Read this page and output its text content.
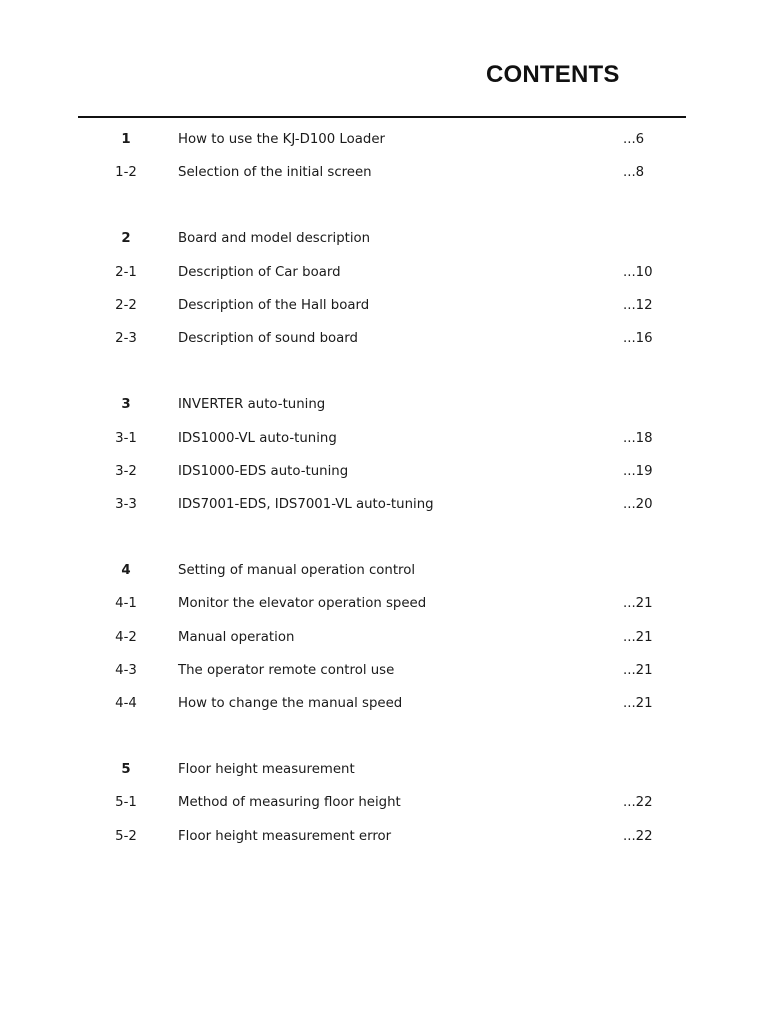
CONTENTS
1	How to use the KJ-D100 Loader	...6
1-2	Selection of the initial screen	...8
2	Board and model description
2-1	Description of Car board	...10
2-2	Description of the Hall board	...12
2-3	Description of sound board	...16
3	INVERTER auto-tuning
3-1	IDS1000-VL auto-tuning	...18
3-2	IDS1000-EDS auto-tuning	...19
3-3	IDS7001-EDS, IDS7001-VL auto-tuning	...20
4	Setting of manual operation control
4-1	Monitor the elevator operation speed	...21
4-2	Manual operation	...21
4-3	The operator remote control use	...21
4-4	How to change the manual speed	...21
5	Floor height measurement
5-1	Method of measuring floor height	...22
5-2	Floor height measurement error	...22
